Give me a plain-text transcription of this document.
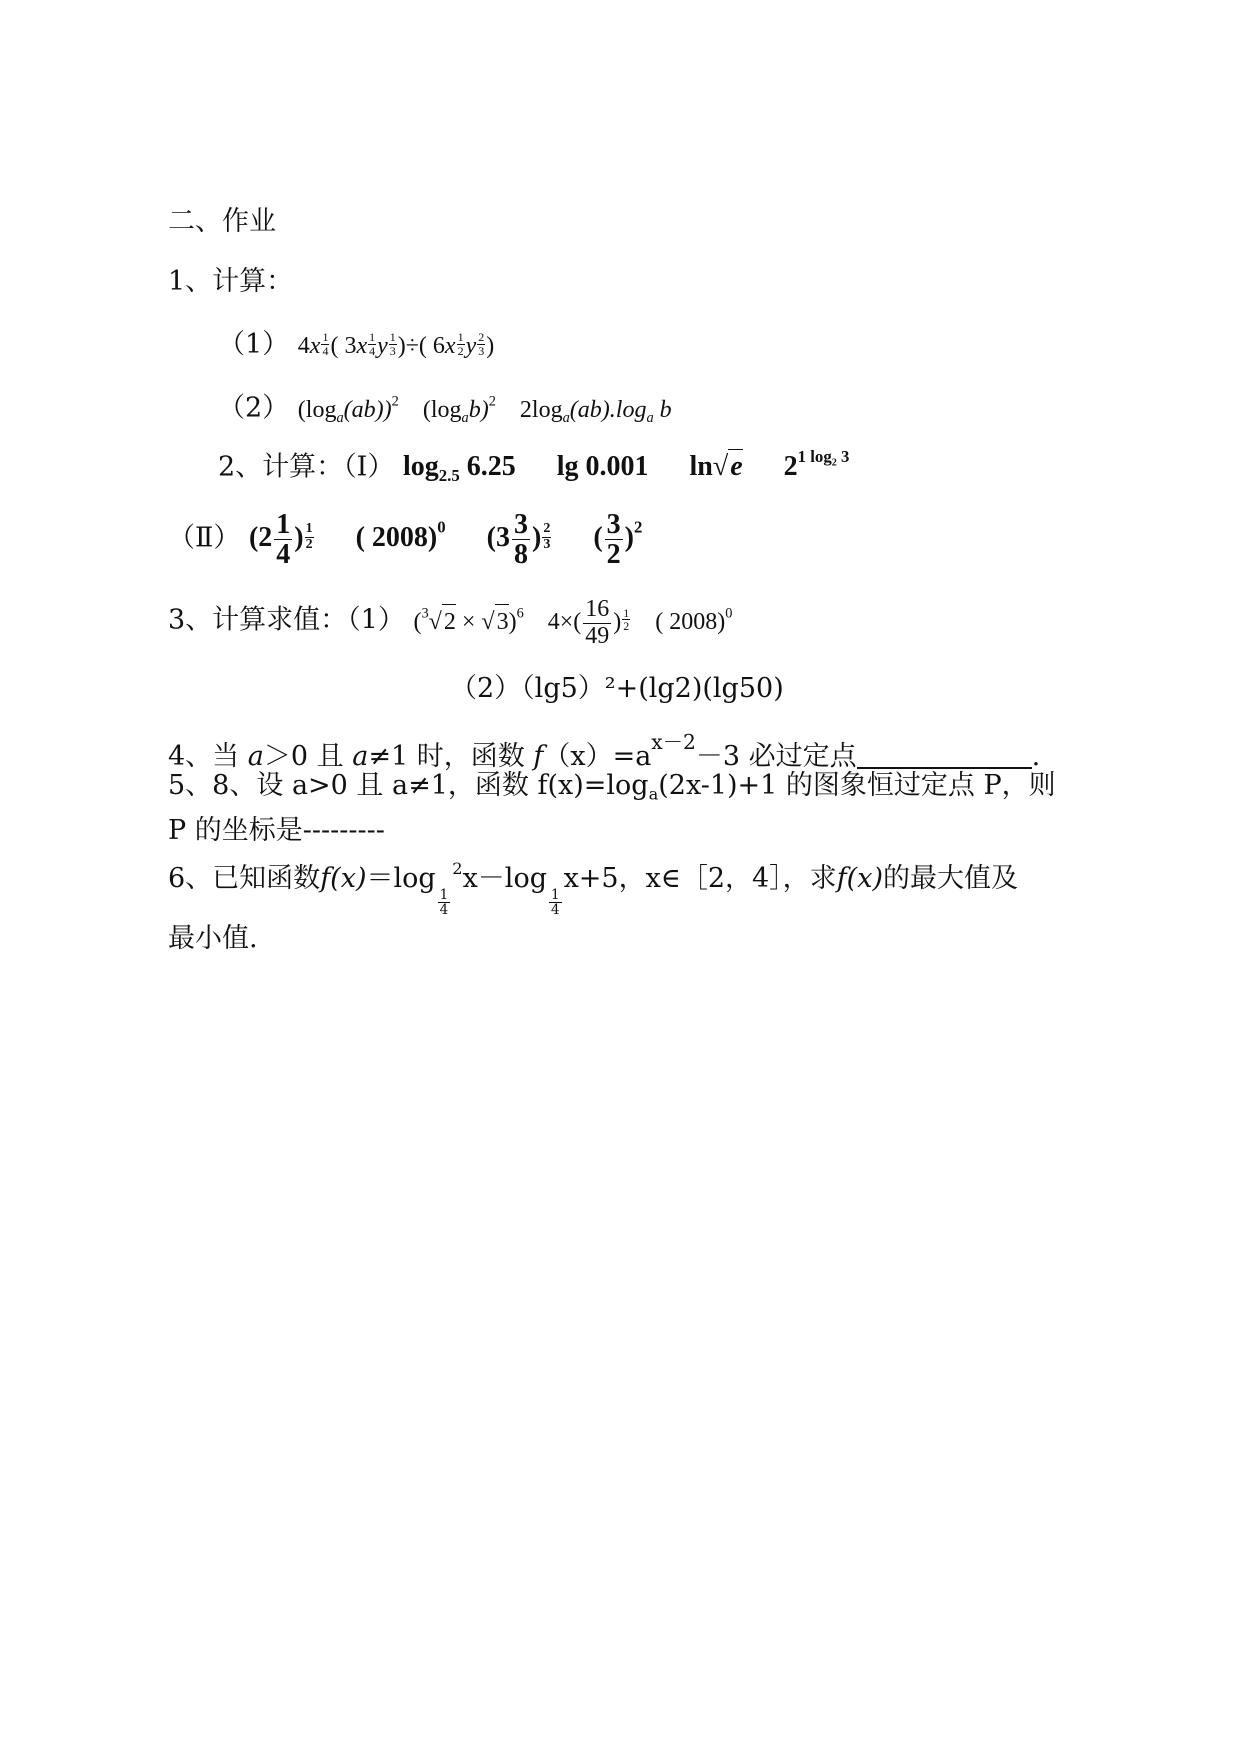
二、作业
1、计算：
（1） $4x \frac{1}{4}$ ( $3x \frac{1}{4}$ y $\frac{1}{3}$ )÷( $6x \frac{1}{2}$ y $\frac{2}{3}$ )
（2） $(\log_a(ab))^2$ $(\log_ab)^2$ $2\log_a(ab).\log_a$ b
2、计算：（Ⅰ） $\log_{2.5} 6.25$ lg 0.001 ln√e $2^{1 log_2 3}$
（Ⅱ） ($2 \frac{1}{4}$ ) $\frac{1}{2}$ ( 2008)$^0$ ($3 \frac{3}{8}$ ) $\frac{2}{3}$ ( $\frac{3}{2} )^2$
3、计算求值：（1） $(^3√2 \times √3)^6$ $4\times( \frac{16}{49}$ ) $\frac{1}{2}$ ( 2008)$^0$
（2）（lg5）²+(lg2)(lg50)
4、当 a＞0 且 a≠1 时，函数 $f(x)=a^{x-2}-3$ 必过定点	.
5、8、设 a>0 且 a≠1，函数 $f(x)=\log_a(2x-1)+1$ 的图象恒过定点 P，则
P 的坐标是---------
6、已知函数f(x)＝log
$\frac{1}{4}$
$^2$x－log
$\frac{1}{4}$
x+5，x∈［2，4］，求f(x)的最大值及
最小值.
